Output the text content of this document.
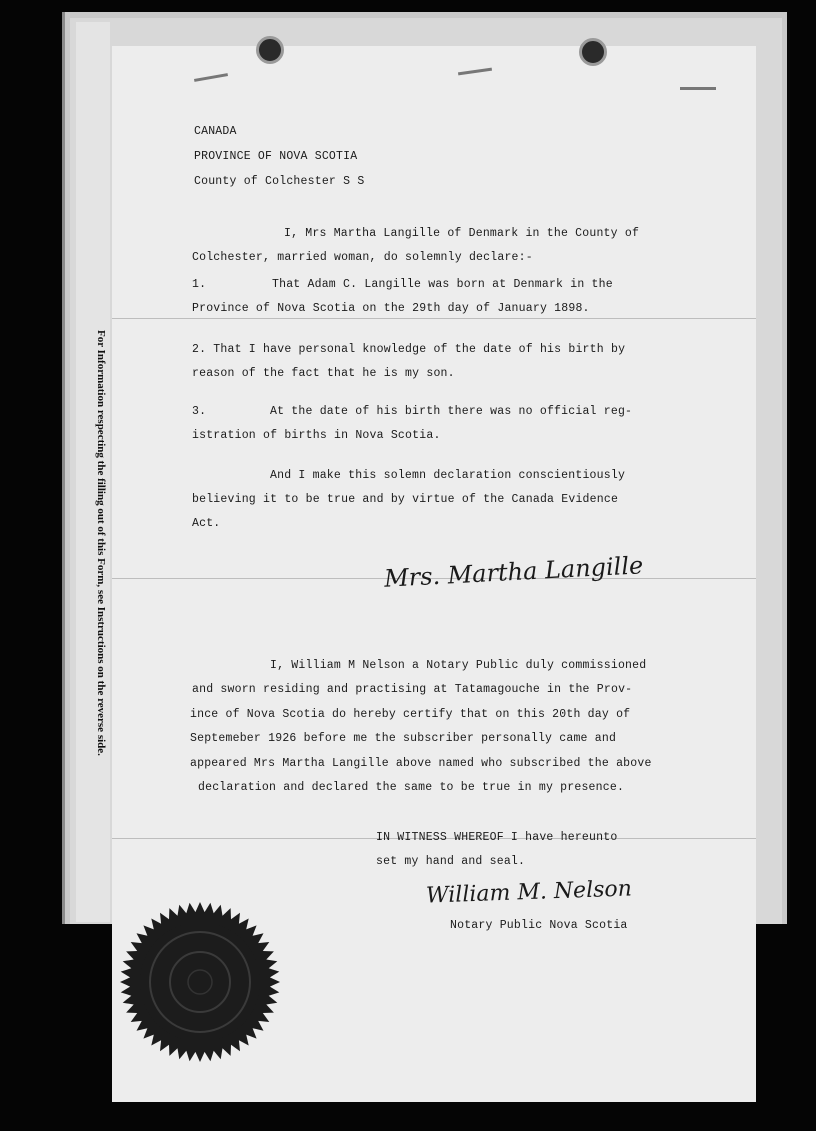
For Information respecting the filling out of this Form, see Instructions on the reverse side.
CANADA
PROVINCE OF NOVA SCOTIA
County of Colchester S S
I, Mrs Martha Langille of Denmark in the County of
Colchester, married woman, do solemnly declare:-
1.	That Adam C. Langille was born at Denmark in the
Province of Nova Scotia on the 29th day of January 1898.
2. That I have personal knowledge of the date of his birth by
reason of the fact that he is my son.
3.	At the date of his birth there was no official reg-
istration of births in Nova Scotia.
And I make this solemn declaration conscientiously
believing it to be true and by virtue of the Canada Evidence
Act.
Mrs. Martha Langille
I, William M Nelson a Notary Public duly commissioned
and sworn residing and practising at Tatamagouche in the Prov-
ince of Nova Scotia do hereby certify that on this 20th day of
Septemeber 1926 before me the subscriber personally came and
appeared Mrs Martha Langille above named who subscribed the above
declaration and declared the same to be true in my presence.
IN WITNESS WHEREOF I have hereunto
set my hand and seal.
William M. Nelson
Notary Public Nova Scotia
